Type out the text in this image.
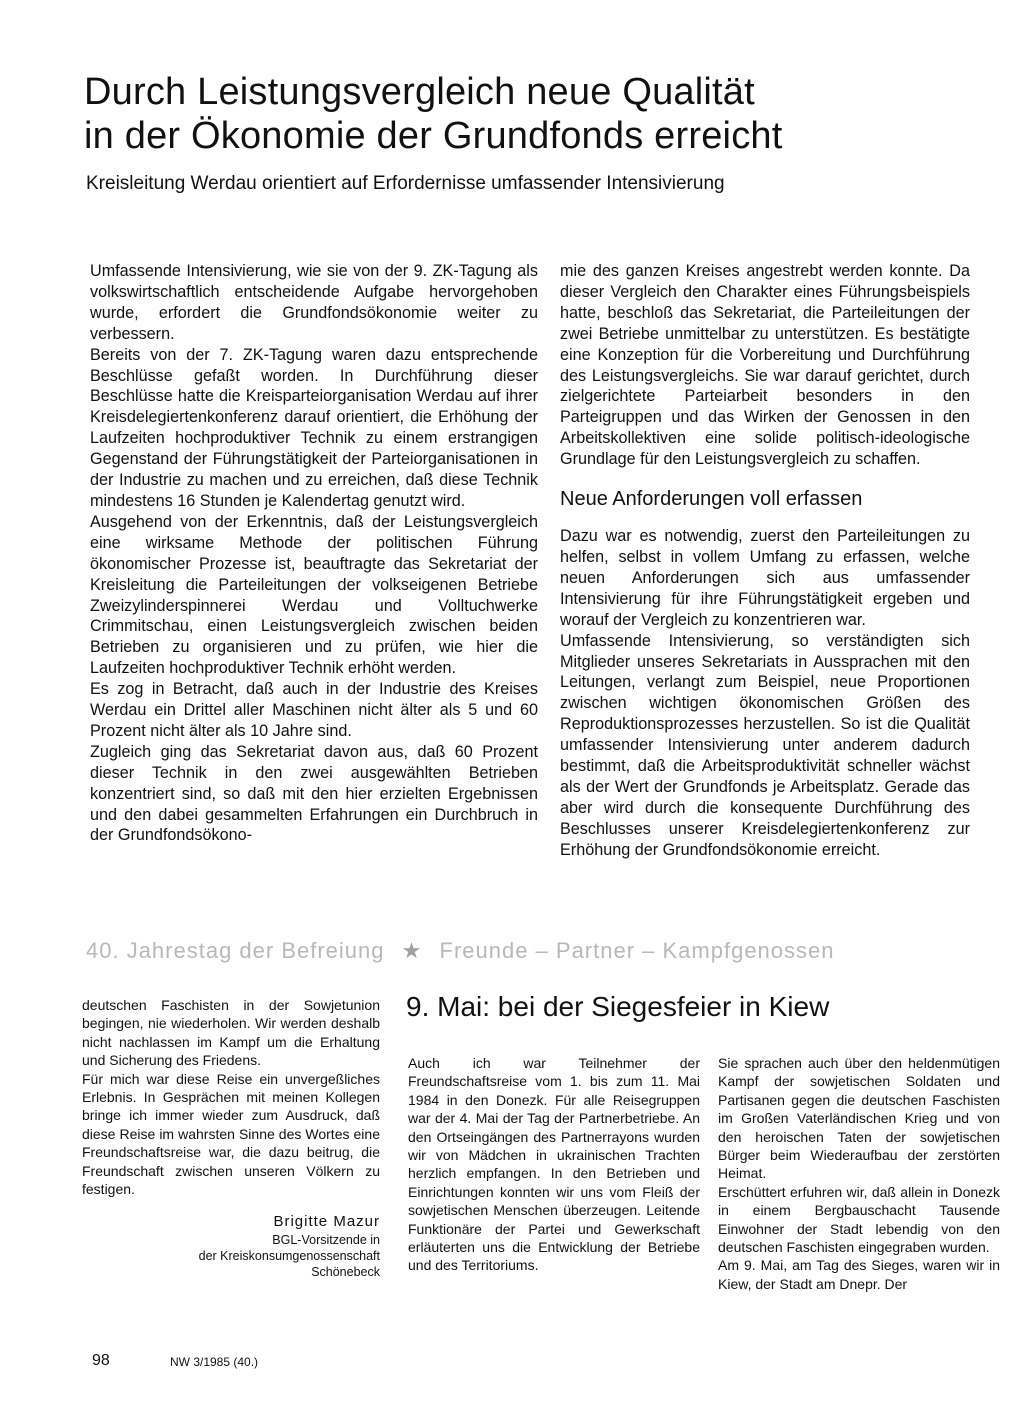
Durch Leistungsvergleich neue Qualität
in der Ökonomie der Grundfonds erreicht
Kreisleitung Werdau orientiert auf Erfordernisse umfassender Intensivierung

Umfassende Intensivierung, wie sie von der 9. ZK-Tagung als volkswirtschaftlich entscheidende Aufgabe hervorgehoben wurde, erfordert die Grundfondsökonomie weiter zu verbessern.

Bereits von der 7. ZK-Tagung waren dazu entsprechende Beschlüsse gefaßt worden. In Durchführung dieser Beschlüsse hatte die Kreisparteiorganisation Werdau auf ihrer Kreisdelegiertenkonferenz darauf orientiert, die Erhöhung der Laufzeiten hochproduktiver Technik zu einem erstrangigen Gegenstand der Führungstätigkeit der Parteiorganisationen in der Industrie zu machen und zu erreichen, daß diese Technik mindestens 16 Stunden je Kalendertag genutzt wird.

Ausgehend von der Erkenntnis, daß der Leistungsvergleich eine wirksame Methode der politischen Führung ökonomischer Prozesse ist, beauftragte das Sekretariat der Kreisleitung die Parteileitungen der volkseigenen Betriebe Zweizylinderspinnerei Werdau und Volltuchwerke Crimmitschau, einen Leistungsvergleich zwischen beiden Betrieben zu organisieren und zu prüfen, wie hier die Laufzeiten hochproduktiver Technik erhöht werden.

Es zog in Betracht, daß auch in der Industrie des Kreises Werdau ein Drittel aller Maschinen nicht älter als 5 und 60 Prozent nicht älter als 10 Jahre sind.

Zugleich ging das Sekretariat davon aus, daß 60 Prozent dieser Technik in den zwei ausgewählten Betrieben konzentriert sind, so daß mit den hier erzielten Ergebnissen und den dabei gesammelten Erfahrungen ein Durchbruch in der Grundfondsökono-

mie des ganzen Kreises angestrebt werden konnte. Da dieser Vergleich den Charakter eines Führungsbeispiels hatte, beschloß das Sekretariat, die Parteileitungen der zwei Betriebe unmittelbar zu unterstützen. Es bestätigte eine Konzeption für die Vorbereitung und Durchführung des Leistungsvergleichs. Sie war darauf gerichtet, durch zielgerichtete Parteiarbeit besonders in den Parteigruppen und das Wirken der Genossen in den Arbeitskollektiven eine solide politisch-ideologische Grundlage für den Leistungsvergleich zu schaffen.

Neue Anforderungen voll erfassen

Dazu war es notwendig, zuerst den Parteileitungen zu helfen, selbst in vollem Umfang zu erfassen, welche neuen Anforderungen sich aus umfassender Intensivierung für ihre Führungstätigkeit ergeben und worauf der Vergleich zu konzentrieren war.

Umfassende Intensivierung, so verständigten sich Mitglieder unseres Sekretariats in Aussprachen mit den Leitungen, verlangt zum Beispiel, neue Proportionen zwischen wichtigen ökonomischen Größen des Reproduktionsprozesses herzustellen. So ist die Qualität umfassender Intensivierung unter anderem dadurch bestimmt, daß die Arbeitsproduktivität schneller wächst als der Wert der Grundfonds je Arbeitsplatz. Gerade das aber wird durch die konsequente Durchführung des Beschlusses unserer Kreisdelegiertenkonferenz zur Erhöhung der Grundfondsökonomie erreicht.

40. Jahrestag der Befreiung ★ Freunde – Partner – Kampfgenossen
9. Mai: bei der Siegesfeier in Kiew

deutschen Faschisten in der Sowjetunion begingen, nie wiederholen. Wir werden deshalb nicht nachlassen im Kampf um die Erhaltung und Sicherung des Friedens.

Für mich war diese Reise ein unvergeßliches Erlebnis. In Gesprächen mit meinen Kollegen bringe ich immer wieder zum Ausdruck, daß diese Reise im wahrsten Sinne des Wortes eine Freundschaftsreise war, die dazu beitrug, die Freundschaft zwischen unseren Völkern zu festigen.

Brigitte Mazur
BGL-Vorsitzende in
der Kreiskonsumgenossenschaft
Schönebeck

Auch ich war Teilnehmer der Freundschaftsreise vom 1. bis zum 11. Mai 1984 in den Donezk. Für alle Reisegruppen war der 4. Mai der Tag der Partnerbetriebe. An den Ortseingängen des Partnerrayons wurden wir von Mädchen in ukrainischen Trachten herzlich empfangen. In den Betrieben und Einrichtungen konnten wir uns vom Fleiß der sowjetischen Menschen überzeugen. Leitende Funktionäre der Partei und Gewerkschaft erläuterten uns die Entwicklung der Betriebe und des Territoriums.

Sie sprachen auch über den heldenmütigen Kampf der sowjetischen Soldaten und Partisanen gegen die deutschen Faschisten im Großen Vaterländischen Krieg und von den heroischen Taten der sowjetischen Bürger beim Wiederaufbau der zerstörten Heimat.

Erschüttert erfuhren wir, daß allein in Donezk in einem Bergbauschacht Tausende Einwohner der Stadt lebendig von den deutschen Faschisten eingegraben wurden.

Am 9. Mai, am Tag des Sieges, waren wir in Kiew, der Stadt am Dnepr. Der

98	NW 3/1985 (40.)
